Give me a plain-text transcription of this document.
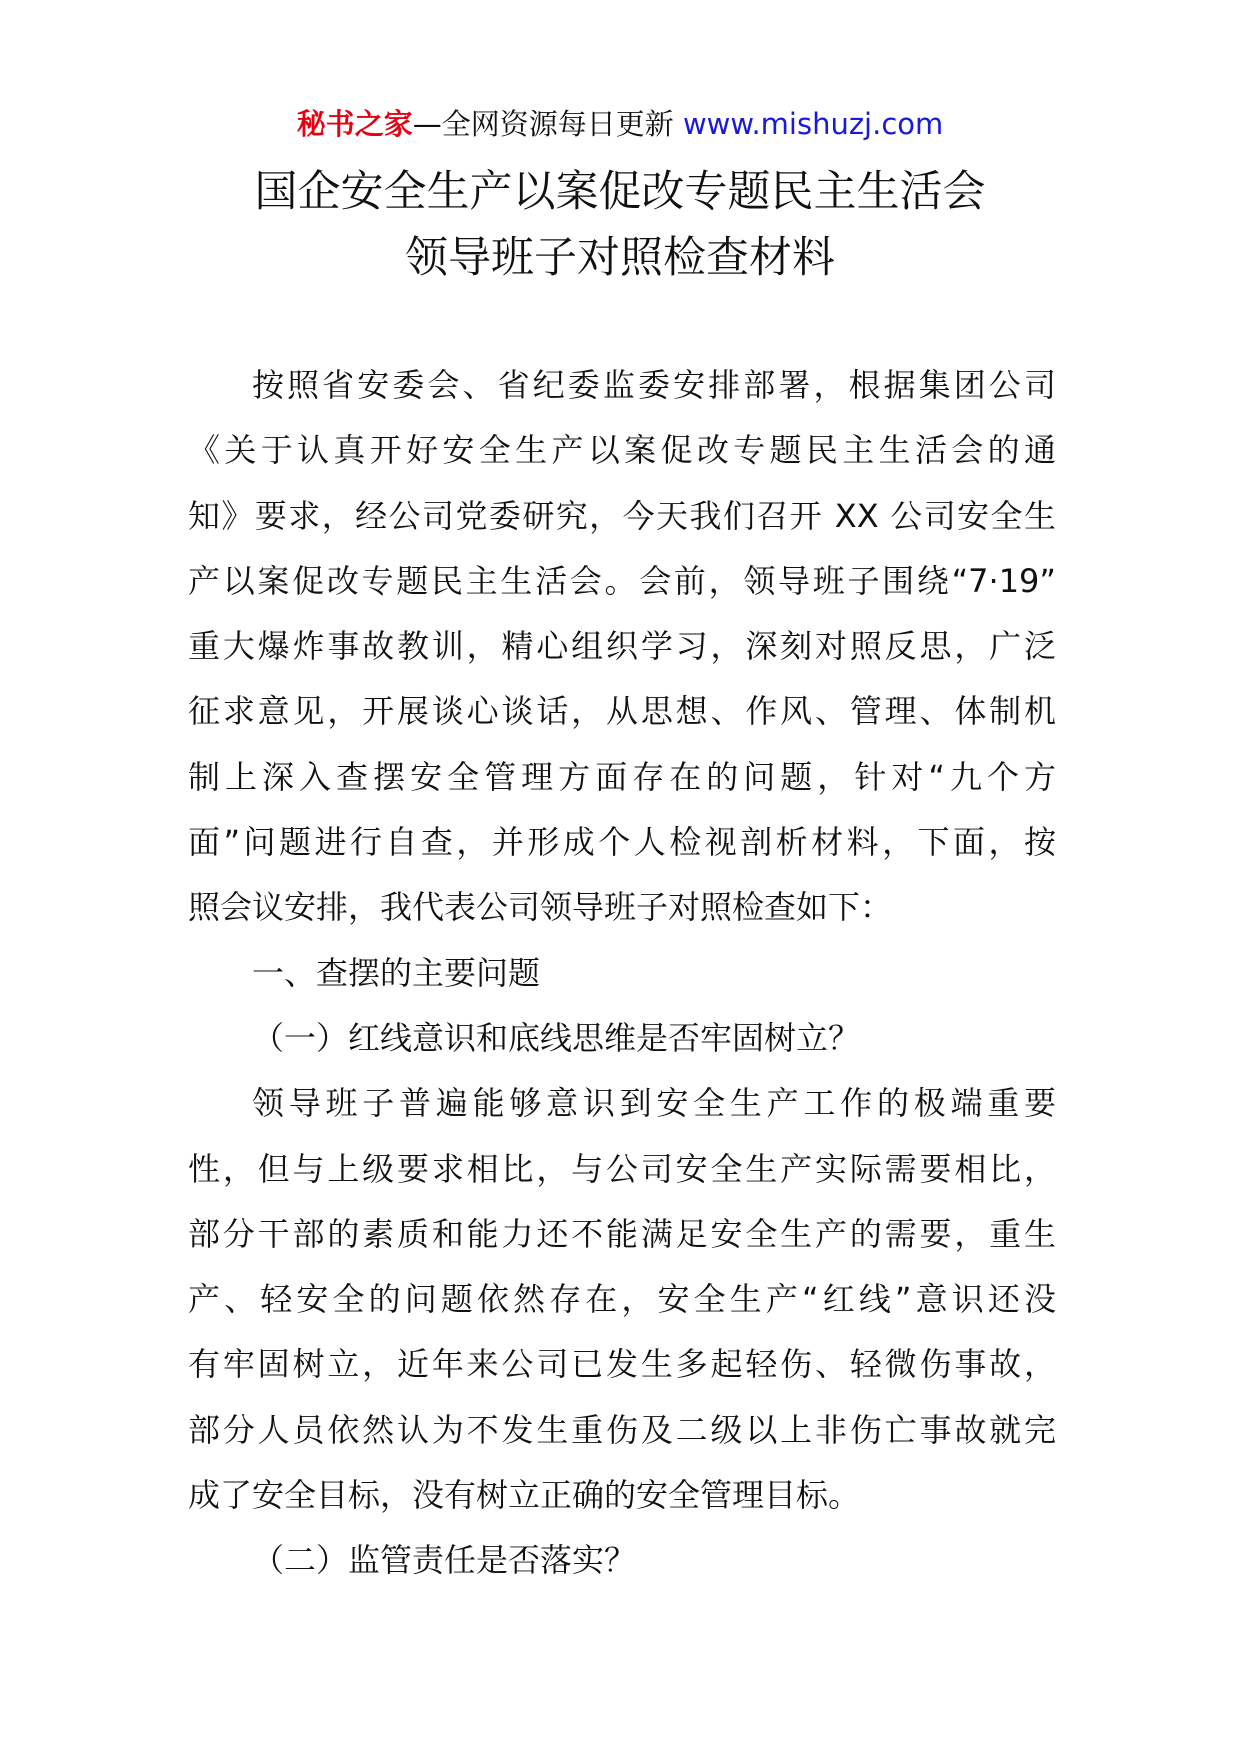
秘书之家—全网资源每日更新 www.mishuzj.com
国企安全生产以案促改专题民主生活会
领导班子对照检查材料
按照省安委会、省纪委监委安排部署，根据集团公司
《关于认真开好安全生产以案促改专题民主生活会的通
知》要求，经公司党委研究，今天我们召开 XX 公司安全生
产以案促改专题民主生活会。会前，领导班子围绕“7·19”
重大爆炸事故教训，精心组织学习，深刻对照反思，广泛
征求意见，开展谈心谈话，从思想、作风、管理、体制机
制上深入查摆安全管理方面存在的问题，针对“九个方
面”问题进行自查，并形成个人检视剖析材料，下面，按
照会议安排，我代表公司领导班子对照检查如下：
一、查摆的主要问题
（一）红线意识和底线思维是否牢固树立？
领导班子普遍能够意识到安全生产工作的极端重要
性，但与上级要求相比，与公司安全生产实际需要相比，
部分干部的素质和能力还不能满足安全生产的需要，重生
产、轻安全的问题依然存在，安全生产“红线”意识还没
有牢固树立，近年来公司已发生多起轻伤、轻微伤事故，
部分人员依然认为不发生重伤及二级以上非伤亡事故就完
成了安全目标，没有树立正确的安全管理目标。
（二）监管责任是否落实？
